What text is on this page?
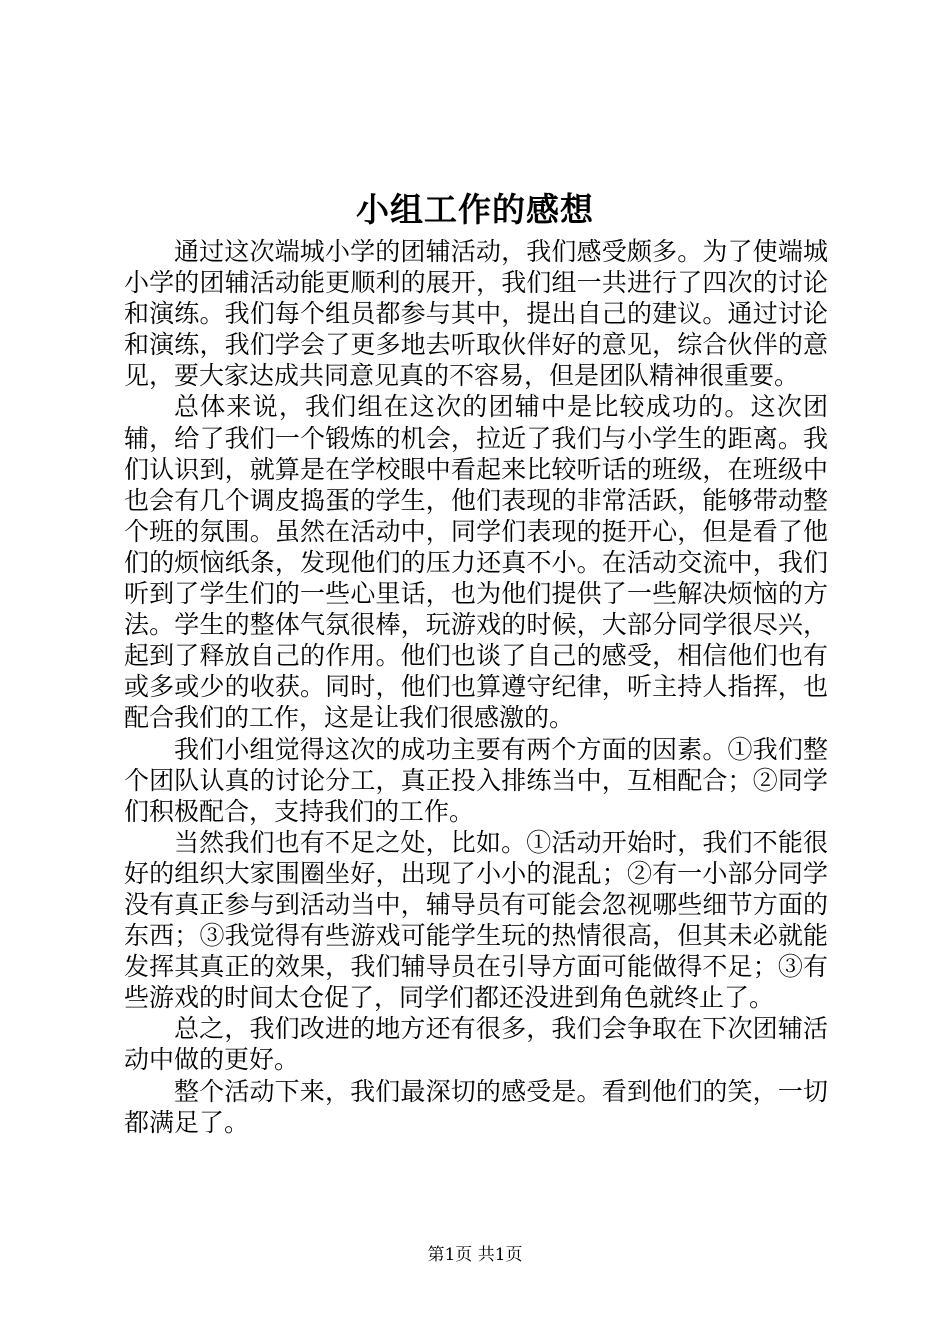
小组工作的感想

通过这次端城小学的团辅活动，我们感受颇多。为了使端城小学的团辅活动能更顺利的展开，我们组一共进行了四次的讨论和演练。我们每个组员都参与其中，提出自己的建议。通过讨论和演练，我们学会了更多地去听取伙伴好的意见，综合伙伴的意见，要大家达成共同意见真的不容易，但是团队精神很重要。

总体来说，我们组在这次的团辅中是比较成功的。这次团辅，给了我们一个锻炼的机会，拉近了我们与小学生的距离。我们认识到，就算是在学校眼中看起来比较听话的班级，在班级中也会有几个调皮捣蛋的学生，他们表现的非常活跃，能够带动整个班的氛围。虽然在活动中，同学们表现的挺开心，但是看了他们的烦恼纸条，发现他们的压力还真不小。在活动交流中，我们听到了学生们的一些心里话，也为他们提供了一些解决烦恼的方法。学生的整体气氛很棒，玩游戏的时候，大部分同学很尽兴，起到了释放自己的作用。他们也谈了自己的感受，相信他们也有或多或少的收获。同时，他们也算遵守纪律，听主持人指挥，也配合我们的工作，这是让我们很感激的。

我们小组觉得这次的成功主要有两个方面的因素。①我们整个团队认真的讨论分工，真正投入排练当中，互相配合；②同学们积极配合，支持我们的工作。

当然我们也有不足之处，比如。①活动开始时，我们不能很好的组织大家围圈坐好，出现了小小的混乱；②有一小部分同学没有真正参与到活动当中，辅导员有可能会忽视哪些细节方面的东西；③我觉得有些游戏可能学生玩的热情很高，但其未必就能发挥其真正的效果，我们辅导员在引导方面可能做得不足；③有些游戏的时间太仓促了，同学们都还没进到角色就终止了。

总之，我们改进的地方还有很多，我们会争取在下次团辅活动中做的更好。

整个活动下来，我们最深切的感受是。看到他们的笑，一切都满足了。

第1页 共1页
